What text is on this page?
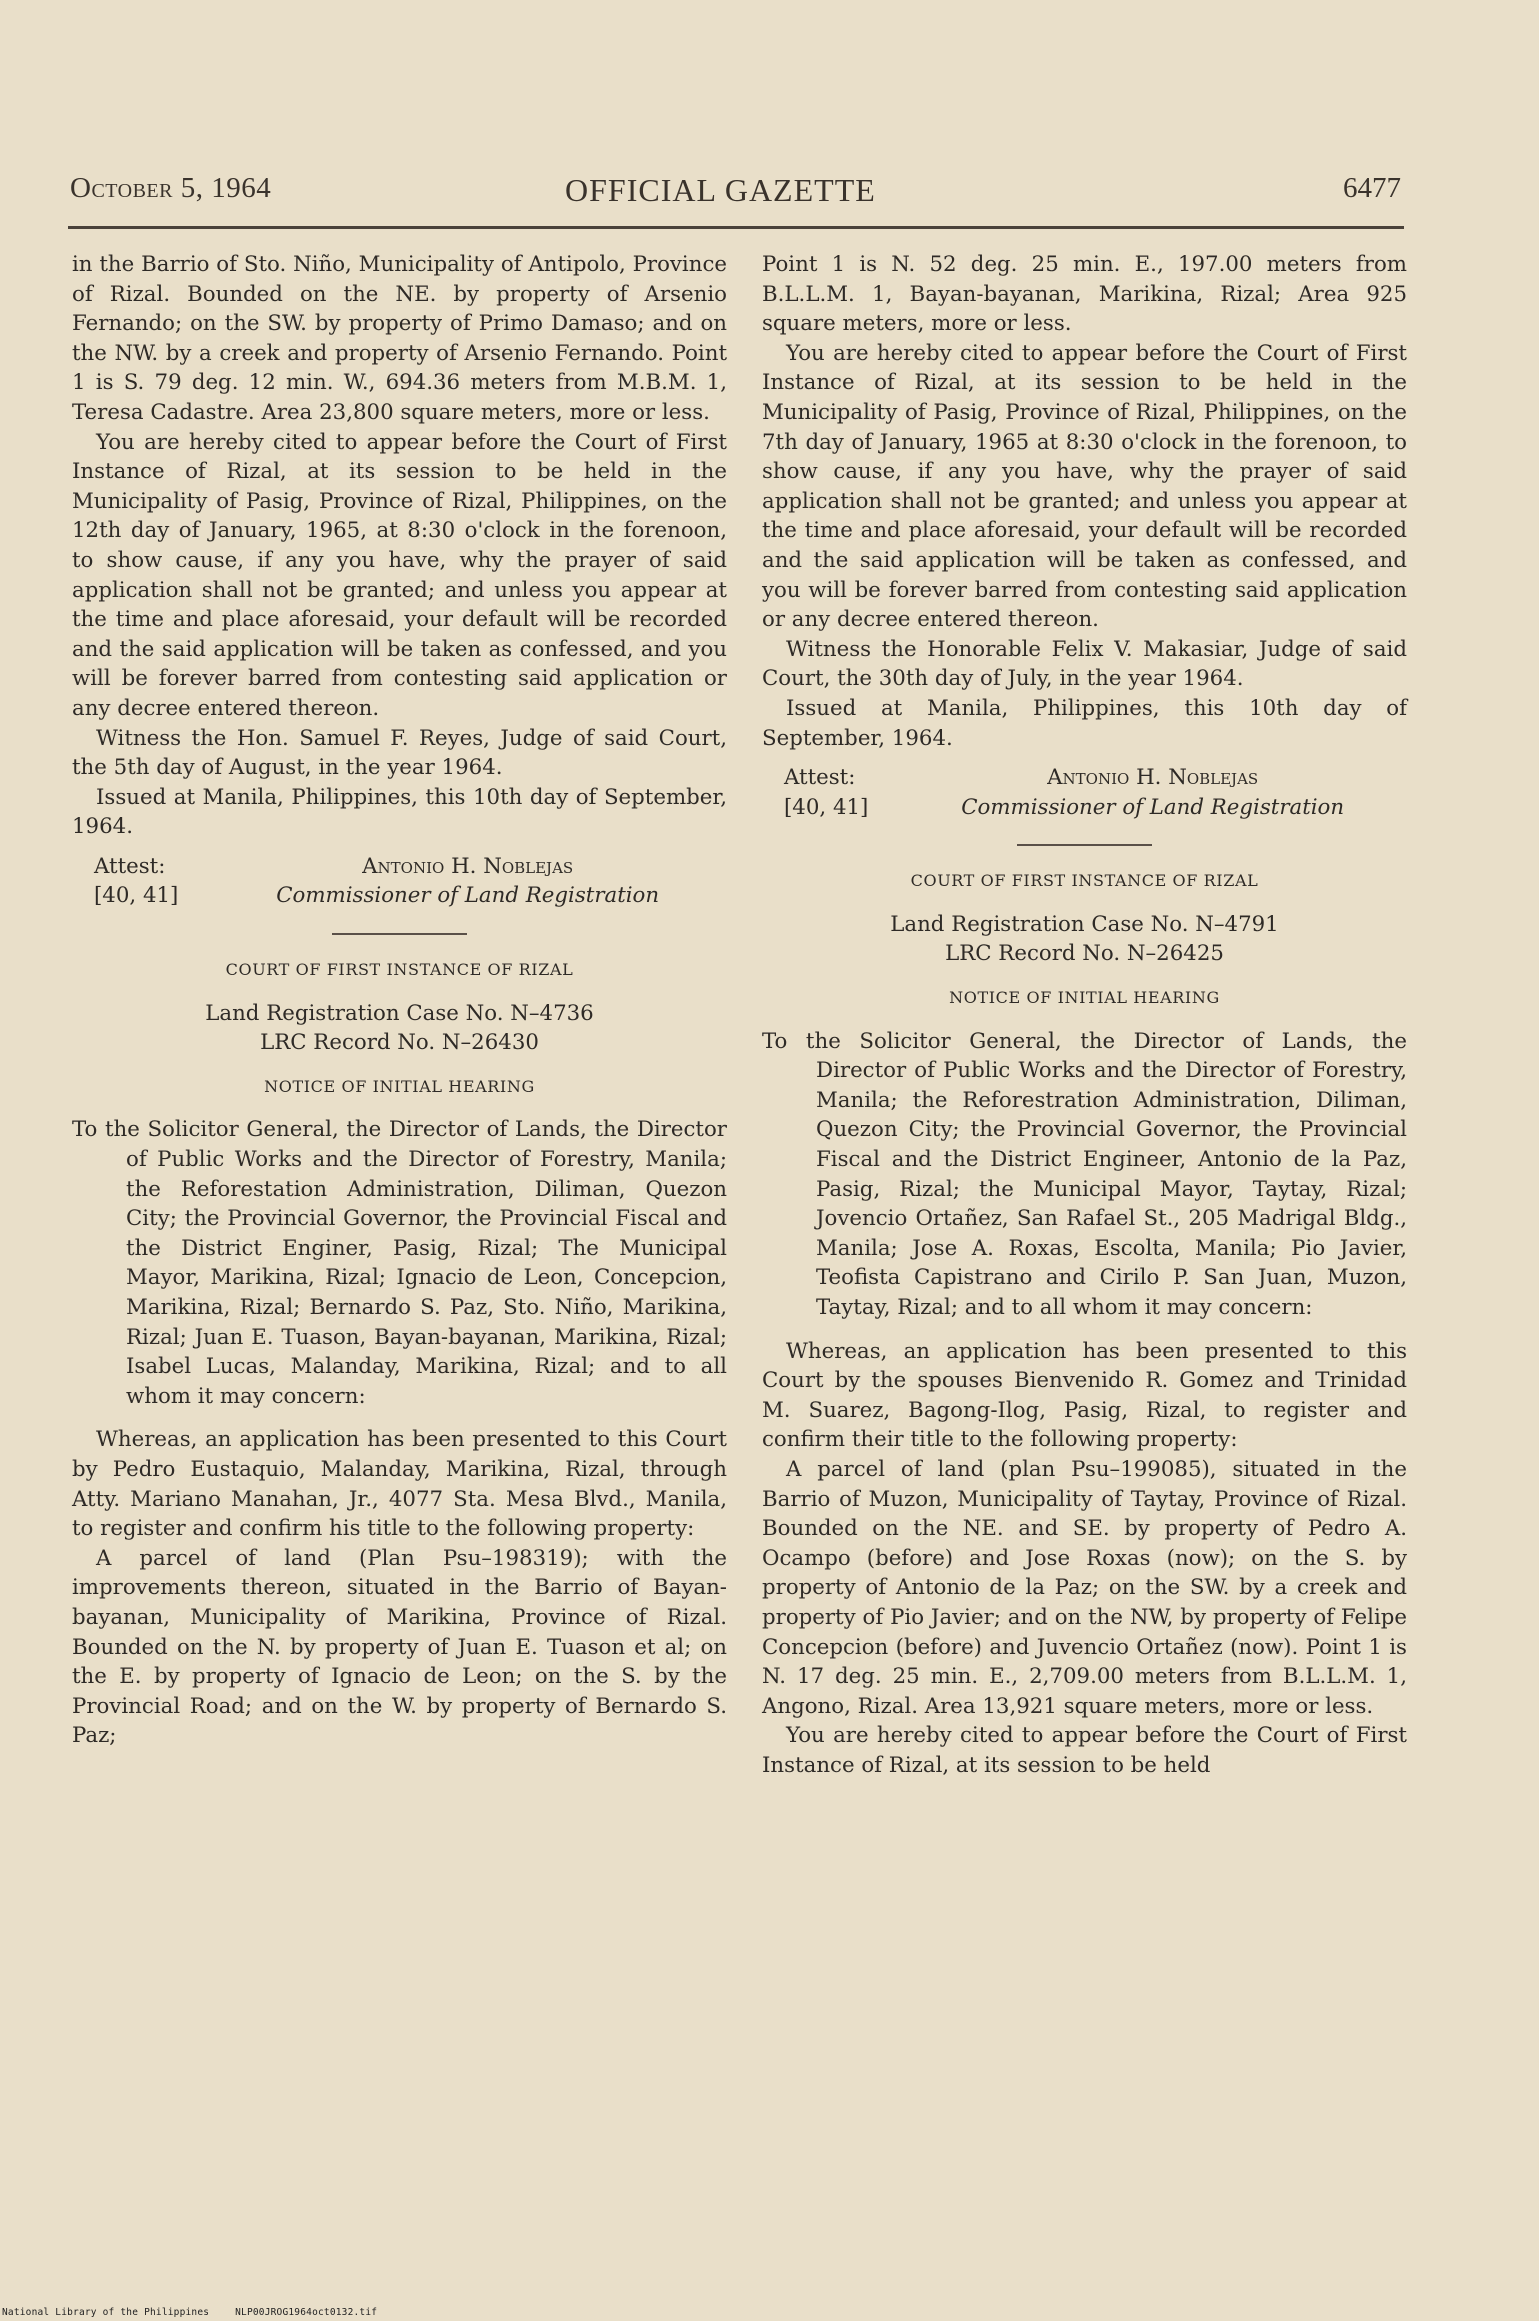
October 5, 1964	OFFICIAL GAZETTE	6477

in the Barrio of Sto. Niño, Municipality of Antipolo, Province of Rizal. Bounded on the NE. by property of Arsenio Fernando; on the SW. by property of Primo Damaso; and on the NW. by a creek and property of Arsenio Fernando. Point 1 is S. 79 deg. 12 min. W., 694.36 meters from M.B.M. 1, Teresa Cadastre. Area 23,800 square meters, more or less.

You are hereby cited to appear before the Court of First Instance of Rizal, at its session to be held in the Municipality of Pasig, Province of Rizal, Philippines, on the 12th day of January, 1965, at 8:30 o'clock in the forenoon, to show cause, if any you have, why the prayer of said application shall not be granted; and unless you appear at the time and place aforesaid, your default will be recorded and the said application will be taken as confessed, and you will be forever barred from contesting said application or any decree entered thereon.

Witness the Hon. Samuel F. Reyes, Judge of said Court, the 5th day of August, in the year 1964.

Issued at Manila, Philippines, this 10th day of September, 1964.

Attest:
[40, 41]
Antonio H. Noblejas
Commissioner of Land Registration
COURT OF FIRST INSTANCE OF RIZAL
Land Registration Case No. N–4736
LRC Record No. N–26430
NOTICE OF INITIAL HEARING

To the Solicitor General, the Director of Lands, the Director of Public Works and the Director of Forestry, Manila; the Reforestation Administration, Diliman, Quezon City; the Provincial Governor, the Provincial Fiscal and the District Enginer, Pasig, Rizal; The Municipal Mayor, Marikina, Rizal; Ignacio de Leon, Concepcion, Marikina, Rizal; Bernardo S. Paz, Sto. Niño, Marikina, Rizal; Juan E. Tuason, Bayan-bayanan, Marikina, Rizal; Isabel Lucas, Malanday, Marikina, Rizal; and to all whom it may concern:

Whereas, an application has been presented to this Court by Pedro Eustaquio, Malanday, Marikina, Rizal, through Atty. Mariano Manahan, Jr., 4077 Sta. Mesa Blvd., Manila, to register and confirm his title to the following property:

A parcel of land (Plan Psu–198319); with the improvements thereon, situated in the Barrio of Bayan-bayanan, Municipality of Marikina, Province of Rizal. Bounded on the N. by property of Juan E. Tuason et al; on the E. by property of Ignacio de Leon; on the S. by the Provincial Road; and on the W. by property of Bernardo S. Paz;

Point 1 is N. 52 deg. 25 min. E., 197.00 meters from B.L.L.M. 1, Bayan-bayanan, Marikina, Rizal; Area 925 square meters, more or less.

You are hereby cited to appear before the Court of First Instance of Rizal, at its session to be held in the Municipality of Pasig, Province of Rizal, Philippines, on the 7th day of January, 1965 at 8:30 o'clock in the forenoon, to show cause, if any you have, why the prayer of said application shall not be granted; and unless you appear at the time and place aforesaid, your default will be recorded and the said application will be taken as confessed, and you will be forever barred from contesting said application or any decree entered thereon.

Witness the Honorable Felix V. Makasiar, Judge of said Court, the 30th day of July, in the year 1964.

Issued at Manila, Philippines, this 10th day of September, 1964.

Attest:
[40, 41]
Antonio H. Noblejas
Commissioner of Land Registration
COURT OF FIRST INSTANCE OF RIZAL
Land Registration Case No. N–4791
LRC Record No. N–26425
NOTICE OF INITIAL HEARING

To the Solicitor General, the Director of Lands, the Director of Public Works and the Director of Forestry, Manila; the Reforestration Administration, Diliman, Quezon City; the Provincial Governor, the Provincial Fiscal and the District Engineer, Antonio de la Paz, Pasig, Rizal; the Municipal Mayor, Taytay, Rizal; Jovencio Ortañez, San Rafael St., 205 Madrigal Bldg., Manila; Jose A. Roxas, Escolta, Manila; Pio Javier, Teofista Capistrano and Cirilo P. San Juan, Muzon, Taytay, Rizal; and to all whom it may concern:

Whereas, an application has been presented to this Court by the spouses Bienvenido R. Gomez and Trinidad M. Suarez, Bagong-Ilog, Pasig, Rizal, to register and confirm their title to the following property:

A parcel of land (plan Psu–199085), situated in the Barrio of Muzon, Municipality of Taytay, Province of Rizal. Bounded on the NE. and SE. by property of Pedro A. Ocampo (before) and Jose Roxas (now); on the S. by property of Antonio de la Paz; on the SW. by a creek and property of Pio Javier; and on the NW, by property of Felipe Concepcion (before) and Juvencio Ortañez (now). Point 1 is N. 17 deg. 25 min. E., 2,709.00 meters from B.L.L.M. 1, Angono, Rizal. Area 13,921 square meters, more or less.

You are hereby cited to appear before the Court of First Instance of Rizal, at its session to be held

National Library of the Philippines	NLP00JROG1964oct0132.tif
